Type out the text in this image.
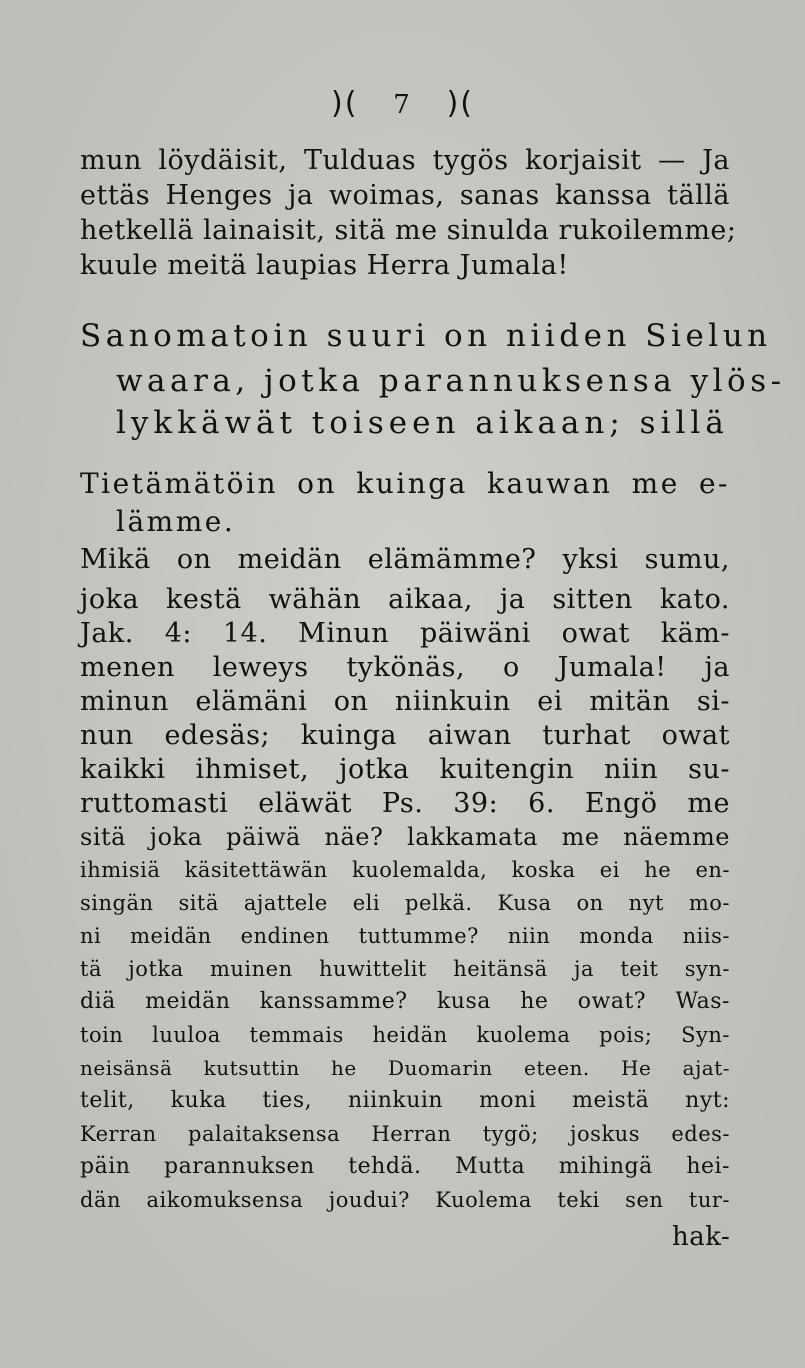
)( 7 )(
mun löydäisit, Tulduas tygös korjaisit — Ja
ettäs Henges ja woimas, sanas kanssa tällä
hetkellä lainaisit, sitä me sinulda rukoilemme;
kuule meitä laupias Herra Jumala!
Sanomatoin suuri on niiden Sielun
waara, jotka parannuksensa ylös-
lykkäwät toiseen aikaan; sillä
Tietämätöin on kuinga kauwan me e-
lämme.
Mikä on meidän elämämme? yksi sumu,
joka kestä wähän aikaa, ja sitten kato.
Jak. 4: 14. Minun päiwäni owat käm-
menen leweys tykönäs, o Jumala! ja
minun elämäni on niinkuin ei mitän si-
nun edesäs; kuinga aiwan turhat owat
kaikki ihmiset, jotka kuitengin niin su-
ruttomasti eläwät Ps. 39: 6. Engö me
sitä joka päiwä näe? lakkamata me näemme
ihmisiä käsitettäwän kuolemalda, koska ei he en-
singän sitä ajattele eli pelkä. Kusa on nyt mo-
ni meidän endinen tuttumme? niin monda niis-
tä jotka muinen huwittelit heitänsä ja teit syn-
diä meidän kanssamme? kusa he owat? Was-
toin luuloa temmais heidän kuolema pois; Syn-
neisänsä kutsuttin he Duomarin eteen. He ajat-
telit, kuka ties, niinkuin moni meistä nyt:
Kerran palaitaksensa Herran tygö; joskus edes-
päin parannuksen tehdä. Mutta mihingä hei-
dän aikomuksensa joudui? Kuolema teki sen tur-
hak-
